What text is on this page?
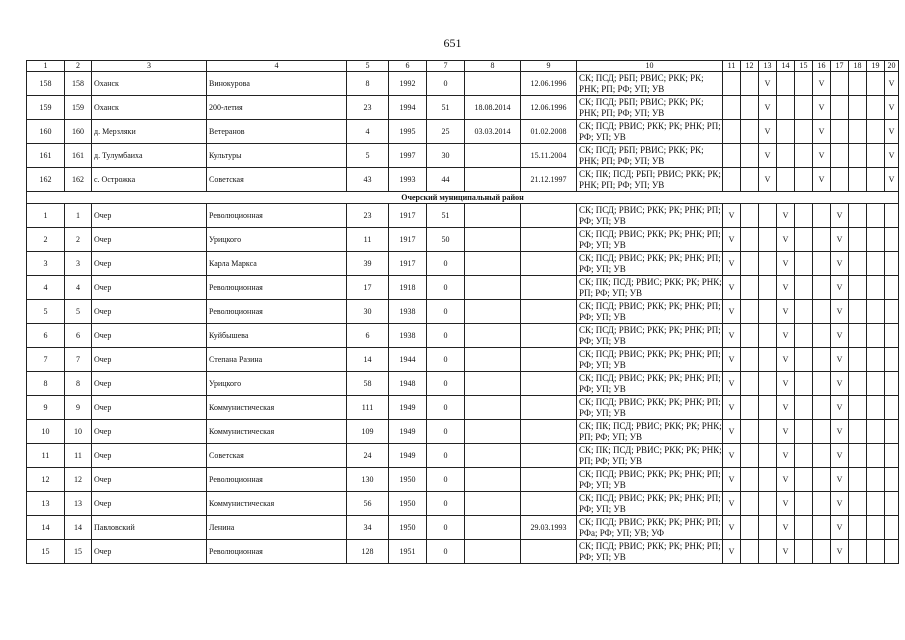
651
1	2	3	4	5	6	7	8	9	10	11	12	13	14	15	16	17	18	19	20
158	158	Оханск	Винокурова	8	1992	0		12.06.1996	СК; ПСД; РБП; РВИС; РКК; РК; РНК; РП; РФ; УП; УВ			V			V				V
159	159	Оханск	200-летия	23	1994	51	18.08.2014	12.06.1996	СК; ПСД; РБП; РВИС; РКК; РК; РНК; РП; РФ; УП; УВ			V			V				V
160	160	д. Мерзляки	Ветеранов	4	1995	25	03.03.2014	01.02.2008	СК; ПСД; РВИС; РКК; РК; РНК; РП; РФ; УП; УВ			V			V				V
161	161	д. Тулумбаиха	Культуры	5	1997	30		15.11.2004	СК; ПСД; РБП; РВИС; РКК; РК; РНК; РП; РФ; УП; УВ			V			V				V
162	162	с. Острожка	Советская	43	1993	44		21.12.1997	СК; ПК; ПСД; РБП; РВИС; РКК; РК; РНК; РП; РФ; УП; УВ			V			V				V
Очерский муниципальный район																			
1	1	Очер	Революционная	23	1917	51			СК; ПСД; РВИС; РКК; РК; РНК; РП; РФ; УП; УВ	V			V			V			
2	2	Очер	Урицкого	11	1917	50			СК; ПСД; РВИС; РКК; РК; РНК; РП; РФ; УП; УВ	V			V			V			
3	3	Очер	Карла Маркса	39	1917	0			СК; ПСД; РВИС; РКК; РК; РНК; РП; РФ; УП; УВ	V			V			V			
4	4	Очер	Революционная	17	1918	0			СК; ПК; ПСД; РВИС; РКК; РК; РНК; РП; РФ; УП; УВ	V			V			V			
5	5	Очер	Революционная	30	1938	0			СК; ПСД; РВИС; РКК; РК; РНК; РП; РФ; УП; УВ	V			V			V			
6	6	Очер	Куйбышева	6	1938	0			СК; ПСД; РВИС; РКК; РК; РНК; РП; РФ; УП; УВ	V			V			V			
7	7	Очер	Степана Разина	14	1944	0			СК; ПСД; РВИС; РКК; РК; РНК; РП; РФ; УП; УВ	V			V			V			
8	8	Очер	Урицкого	58	1948	0			СК; ПСД; РВИС; РКК; РК; РНК; РП; РФ; УП; УВ	V			V			V			
9	9	Очер	Коммунистическая	111	1949	0			СК; ПСД; РВИС; РКК; РК; РНК; РП; РФ; УП; УВ	V			V			V			
10	10	Очер	Коммунистическая	109	1949	0			СК; ПК; ПСД; РВИС; РКК; РК; РНК; РП; РФ; УП; УВ	V			V			V			
11	11	Очер	Советская	24	1949	0			СК; ПК; ПСД; РВИС; РКК; РК; РНК; РП; РФ; УП; УВ	V			V			V			
12	12	Очер	Революционная	130	1950	0			СК; ПСД; РВИС; РКК; РК; РНК; РП; РФ; УП; УВ	V			V			V			
13	13	Очер	Коммунистическая	56	1950	0			СК; ПСД; РВИС; РКК; РК; РНК; РП; РФ; УП; УВ	V			V			V			
14	14	Павловский	Ленина	34	1950	0		29.03.1993	СК; ПСД; РВИС; РКК; РК; РНК; РП; РФа; РФ; УП; УВ; УФ	V			V			V			
15	15	Очер	Революционная	128	1951	0			СК; ПСД; РВИС; РКК; РК; РНК; РП; РФ; УП; УВ	V			V			V			
